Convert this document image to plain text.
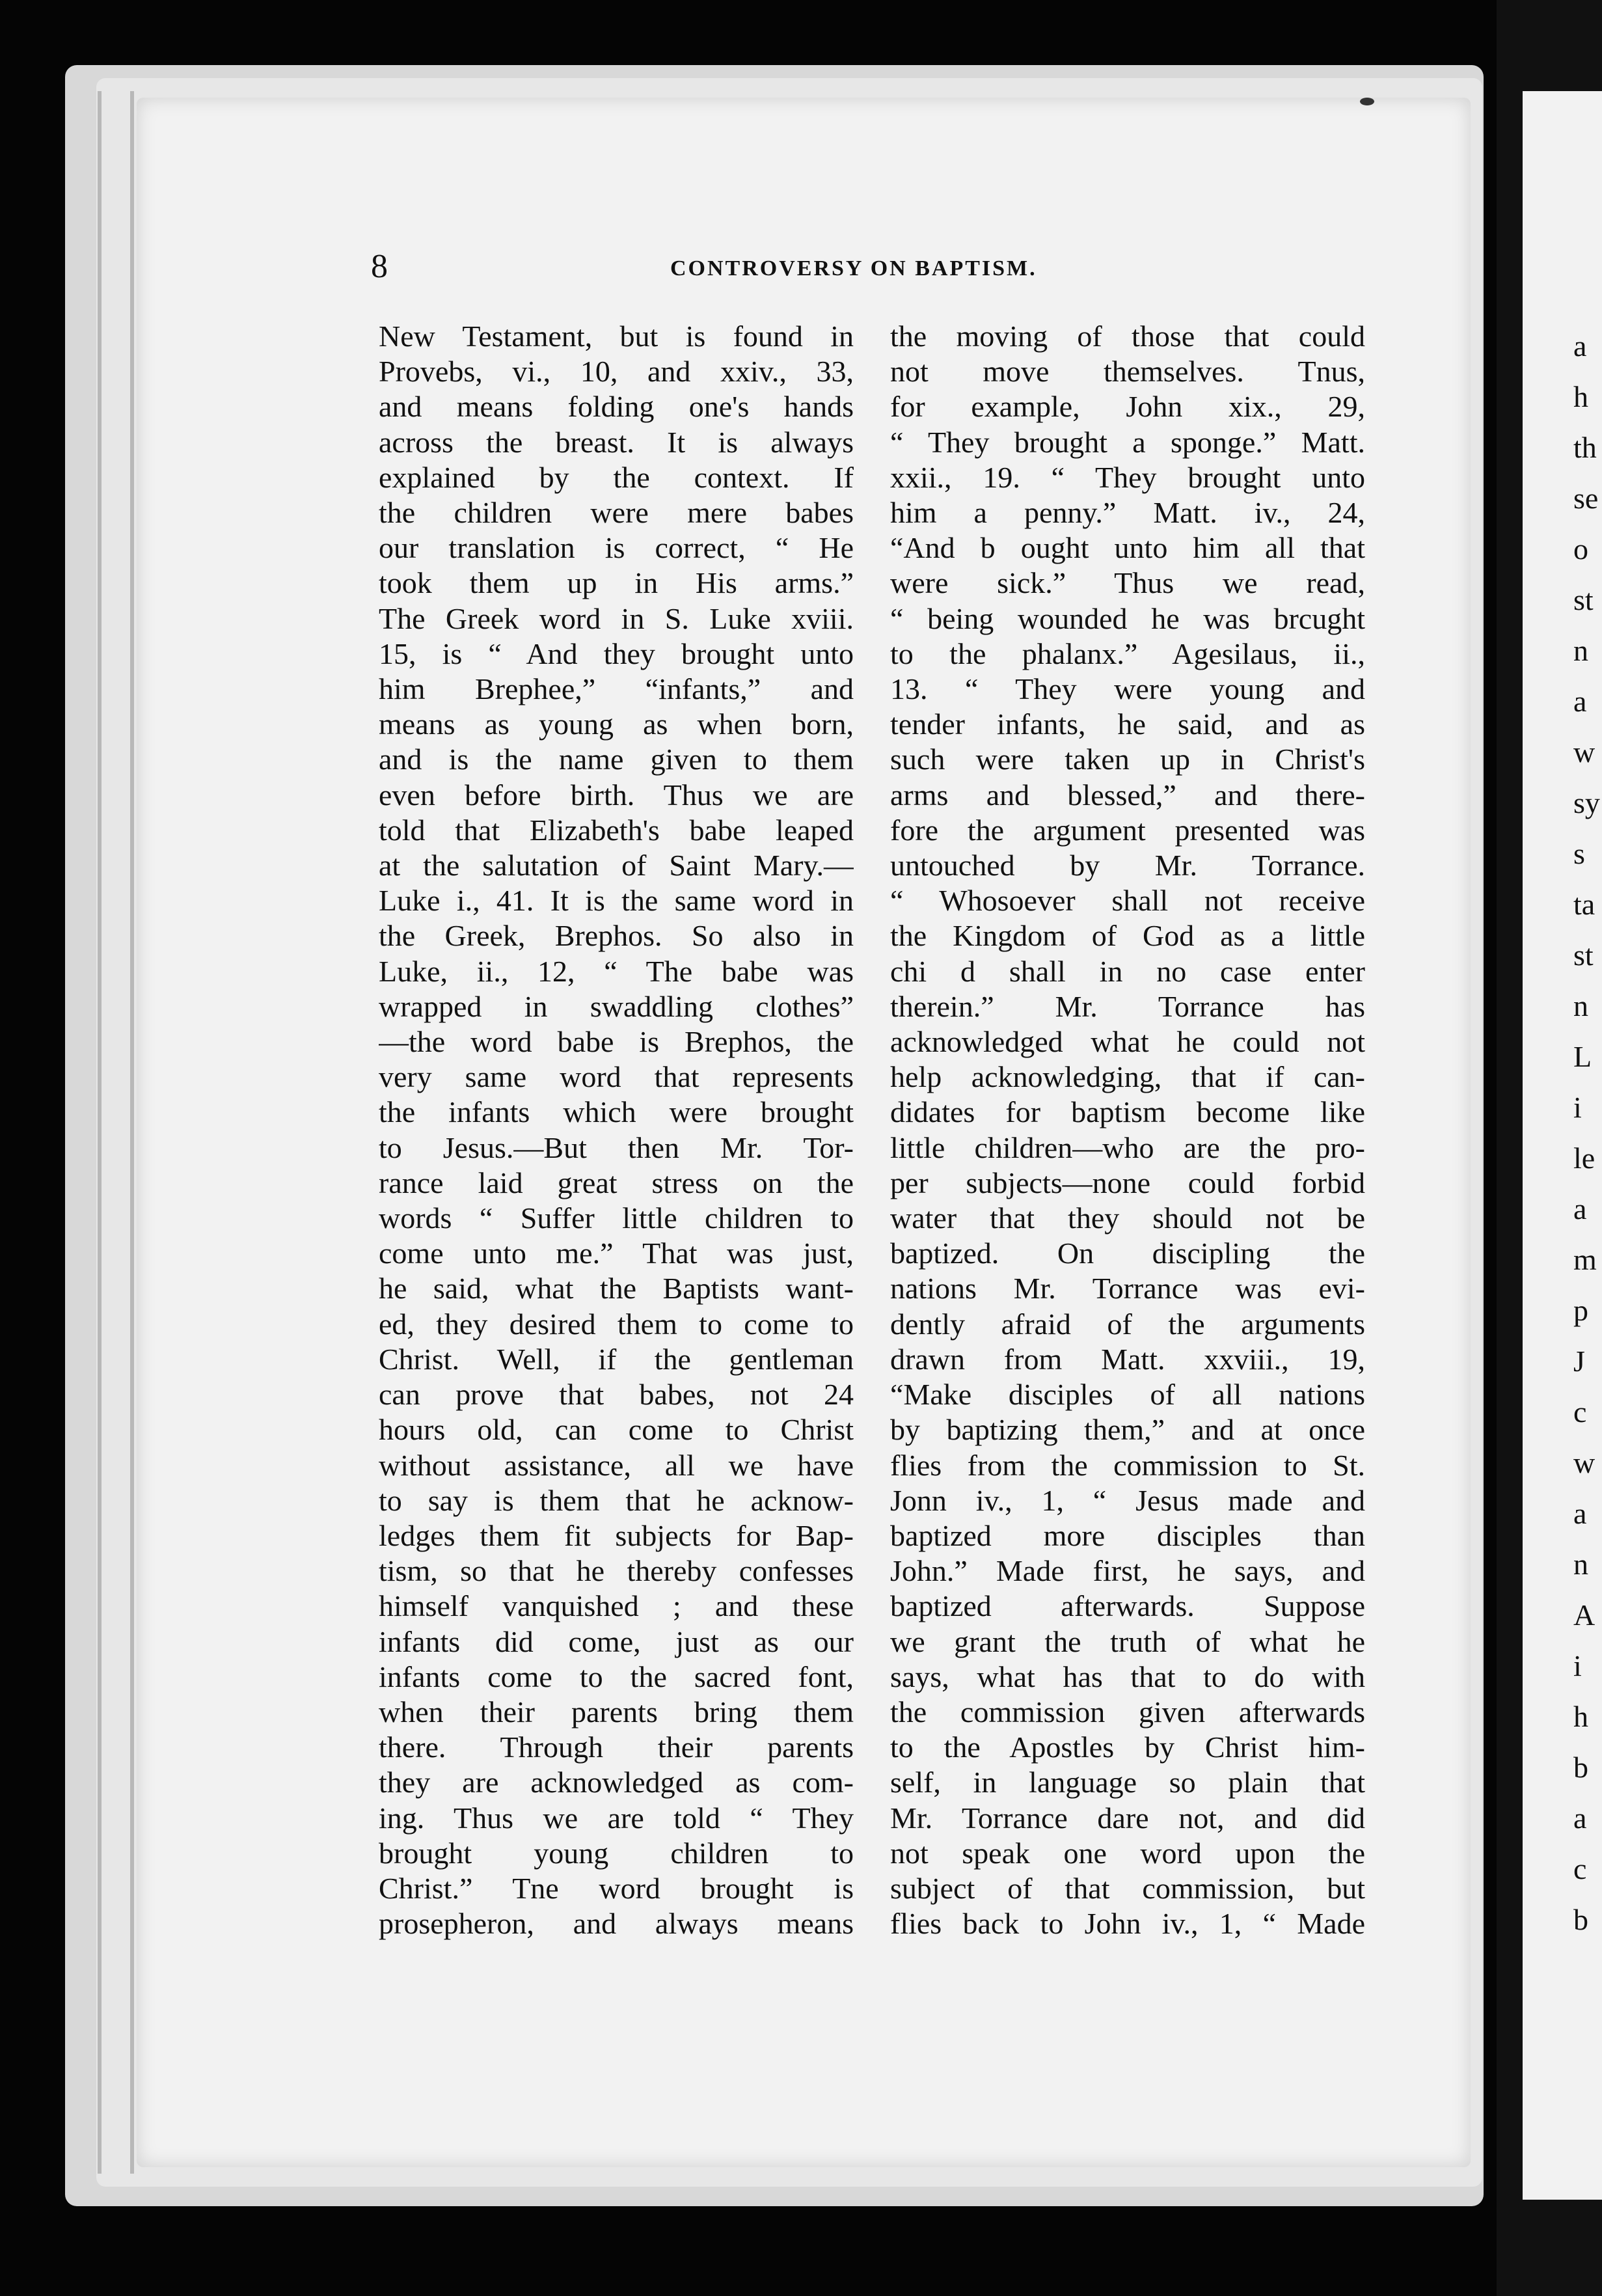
a
h
th
se
o
st
n
a
w
sy
s
ta
st
n
L
i
le
a
m
p
J
c
w
a
n
A
i
h
b
a
c
b
8	CONTROVERSY ON BAPTISM.
New Testament, but is found in
Provebs, vi., 10, and xxiv., 33,
and means folding one's hands
across the breast. It is always
explained by the context. If
the children were mere babes
our translation is correct, “ He
took them up in His arms.”
The Greek word in S. Luke xviii.
15, is “ And they brought unto
him Brephee,” “infants,” and
means as young as when born,
and is the name given to them
even before birth. Thus we are
told that Elizabeth's babe leaped
at the salutation of Saint Mary.—
Luke i., 41. It is the same word in
the Greek, Brephos. So also in
Luke, ii., 12, “ The babe was
wrapped in swaddling clothes”
—the word babe is Brephos, the
very same word that represents
the infants which were brought
to Jesus.—But then Mr. Tor-
rance laid great stress on the
words “ Suffer little children to
come unto me.” That was just,
he said, what the Baptists want-
ed, they desired them to come to
Christ. Well, if the gentleman
can prove that babes, not 24
hours old, can come to Christ
without assistance, all we have
to say is them that he acknow-
ledges them fit subjects for Bap-
tism, so that he thereby confesses
himself vanquished ; and these
infants did come, just as our
infants come to the sacred font,
when their parents bring them
there. Through their parents
they are acknowledged as com-
ing. Thus we are told “ They
brought young children to
Christ.” Tne word brought is
prosepheron, and always means
the moving of those that could
not move themselves. Tnus,
for example, John xix., 29,
“ They brought a sponge.” Matt.
xxii., 19. “ They brought unto
him a penny.” Matt. iv., 24,
“And b ought unto him all that
were sick.” Thus we read,
“ being wounded he was brcught
to the phalanx.” Agesilaus, ii.,
13. “ They were young and
tender infants, he said, and as
such were taken up in Christ's
arms and blessed,” and there-
fore the argument presented was
untouched by Mr. Torrance.
“ Whosoever shall not receive
the Kingdom of God as a little
chi d shall in no case enter
therein.” Mr. Torrance has
acknowledged what he could not
help acknowledging, that if can-
didates for baptism become like
little children—who are the pro-
per subjects—none could forbid
water that they should not be
baptized. On discipling the
nations Mr. Torrance was evi-
dently afraid of the arguments
drawn from Matt. xxviii., 19,
“Make disciples of all nations
by baptizing them,” and at once
flies from the commission to St.
Jonn iv., 1, “ Jesus made and
baptized more disciples than
John.” Made first, he says, and
baptized afterwards. Suppose
we grant the truth of what he
says, what has that to do with
the commission given afterwards
to the Apostles by Christ him-
self, in language so plain that
Mr. Torrance dare not, and did
not speak one word upon the
subject of that commission, but
flies back to John iv., 1, “ Made
